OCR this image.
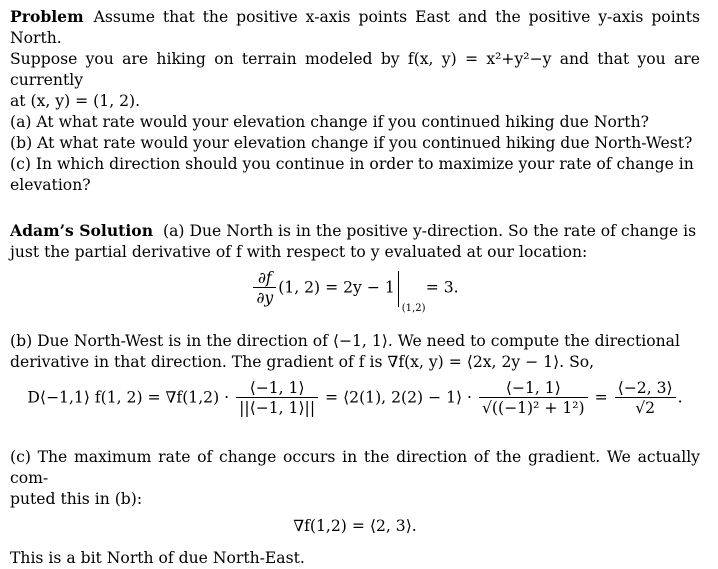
Problem Assume that the positive x-axis points East and the positive y-axis points North.
Suppose you are hiking on terrain modeled by f(x, y) = x²+y²−y and that you are currently
at (x, y) = (1, 2).
(a) At what rate would your elevation change if you continued hiking due North?
(b) At what rate would your elevation change if you continued hiking due North-West?
(c) In which direction should you continue in order to maximize your rate of change in
elevation?
Adam’s Solution (a) Due North is in the positive y-direction. So the rate of change is
just the partial derivative of f with respect to y evaluated at our location:
$\frac{\partial f}{\partial y} (1$, 2) = 2y − 1
(1,2)
= 3.
(b) Due North-West is in the direction of ⟨−1, 1⟩. We need to compute the directional
derivative in that direction. The gradient of f is ∇f(x, y) = ⟨2x, 2y − 1⟩. So,
D⟨−1,1⟩ f(1, $2) = \nabla f(1,2) \cdot \frac{⟨-1, 1⟩}{||⟨-1, 1⟩||}$ = ⟨2(1), 2(2) − 1⟩ · $\frac{⟨-1, 1⟩}{\text{√((−1)² + 1²)}} = \frac{⟨-2, 3⟩}{√2}$ .
(c) The maximum rate of change occurs in the direction of the gradient. We actually com-
puted this in (b):
∇f(1,2) = ⟨2, 3⟩.
This is a bit North of due North-East.
